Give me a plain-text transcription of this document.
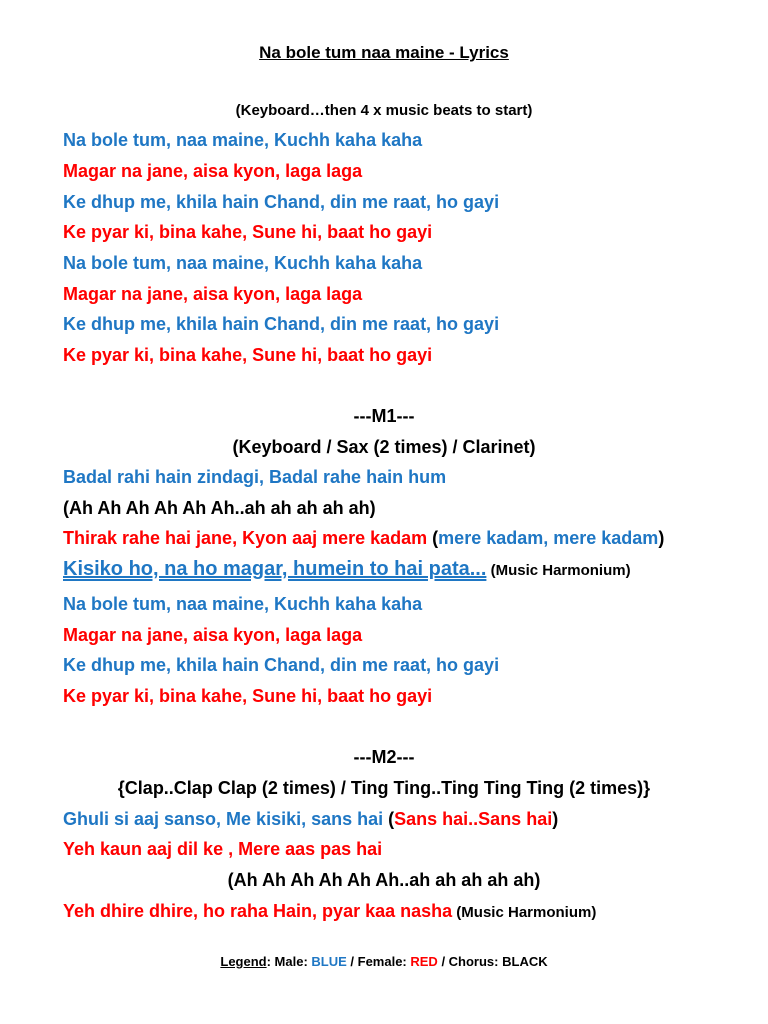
Na bole tum naa maine - Lyrics
(Keyboard…then 4 x music beats to start)
Na bole tum, naa maine, Kuchh kaha kaha
Magar na jane, aisa kyon, laga laga
Ke dhup me, khila hain Chand, din me raat, ho gayi
Ke pyar ki, bina kahe, Sune hi, baat ho gayi
Na bole tum, naa maine, Kuchh kaha kaha
Magar na jane, aisa kyon, laga laga
Ke dhup me, khila hain Chand, din me raat, ho gayi
Ke pyar ki, bina kahe, Sune hi, baat ho gayi
---M1---
(Keyboard / Sax (2 times) / Clarinet)
Badal rahi hain zindagi, Badal rahe hain hum
(Ah Ah Ah Ah Ah Ah..ah ah ah ah ah)
Thirak rahe hai jane, Kyon aaj mere kadam (mere kadam, mere kadam)
Kisiko ho, na ho magar, humein to hai pata... (Music Harmonium)
Na bole tum, naa maine, Kuchh kaha kaha
Magar na jane, aisa kyon, laga laga
Ke dhup me, khila hain Chand, din me raat, ho gayi
Ke pyar ki, bina kahe, Sune hi, baat ho gayi
---M2---
{Clap..Clap Clap (2 times) / Ting Ting..Ting Ting Ting (2 times)}
Ghuli si aaj sanso, Me kisiki, sans hai (Sans hai..Sans hai)
Yeh kaun aaj dil ke , Mere aas pas hai
(Ah Ah Ah Ah Ah Ah..ah ah ah ah ah)
Yeh dhire dhire, ho raha Hain, pyar kaa nasha (Music Harmonium)
Legend: Male: BLUE / Female: RED / Chorus: BLACK
